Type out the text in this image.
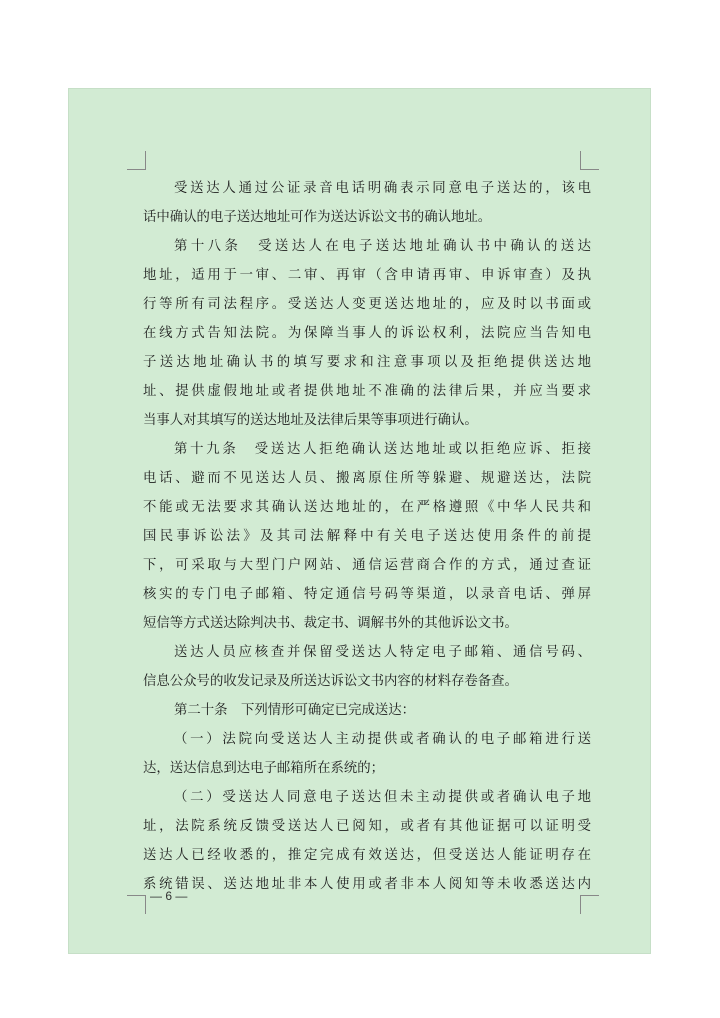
受送达人通过公证录音电话明确表示同意电子送达的，该电
话中确认的电子送达地址可作为送达诉讼文书的确认地址。
第十八条　受送达人在电子送达地址确认书中确认的送达
地址，适用于一审、二审、再审（含申请再审、申诉审查）及执
行等所有司法程序。受送达人变更送达地址的，应及时以书面或
在线方式告知法院。为保障当事人的诉讼权利，法院应当告知电
子送达地址确认书的填写要求和注意事项以及拒绝提供送达地
址、提供虚假地址或者提供地址不准确的法律后果，并应当要求
当事人对其填写的送达地址及法律后果等事项进行确认。
第十九条　受送达人拒绝确认送达地址或以拒绝应诉、拒接
电话、避而不见送达人员、搬离原住所等躲避、规避送达，法院
不能或无法要求其确认送达地址的，在严格遵照《中华人民共和
国民事诉讼法》及其司法解释中有关电子送达使用条件的前提
下，可采取与大型门户网站、通信运营商合作的方式，通过查证
核实的专门电子邮箱、特定通信号码等渠道，以录音电话、弹屏
短信等方式送达除判决书、裁定书、调解书外的其他诉讼文书。
送达人员应核查并保留受送达人特定电子邮箱、通信号码、
信息公众号的收发记录及所送达诉讼文书内容的材料存卷备查。
第二十条　下列情形可确定已完成送达：
（一）法院向受送达人主动提供或者确认的电子邮箱进行送
达，送达信息到达电子邮箱所在系统的；
（二）受送达人同意电子送达但未主动提供或者确认电子地
址，法院系统反馈受送达人已阅知，或者有其他证据可以证明受
送达人已经收悉的，推定完成有效送达，但受送达人能证明存在
系统错误、送达地址非本人使用或者非本人阅知等未收悉送达内
— 6 —
